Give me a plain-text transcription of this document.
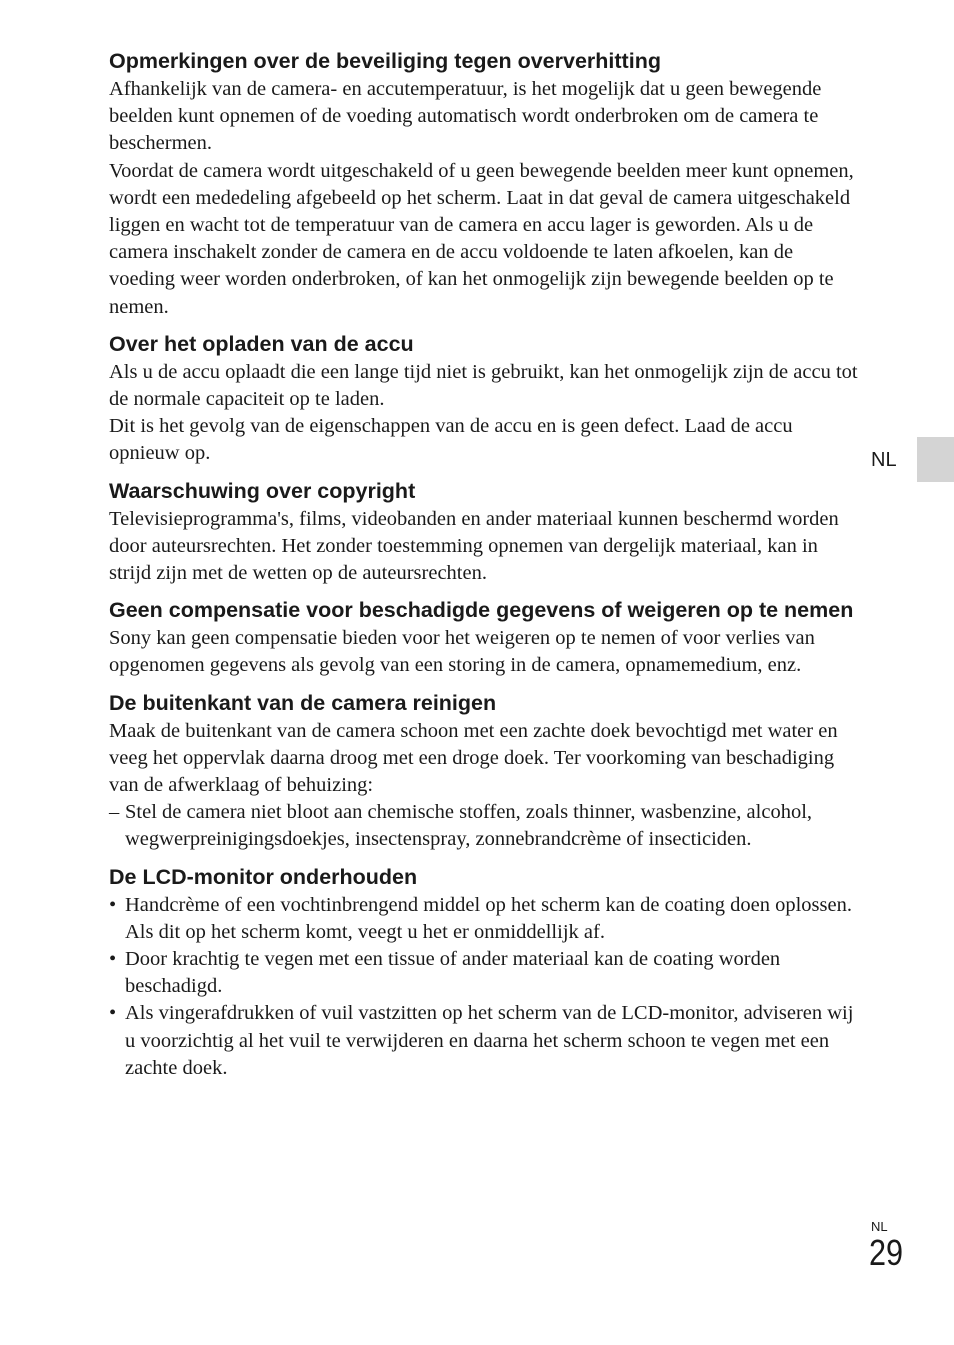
Opmerkingen over de beveiliging tegen oververhitting

Afhankelijk van de camera- en accutemperatuur, is het mogelijk dat u geen bewegende beelden kunt opnemen of de voeding automatisch wordt onderbroken om de camera te beschermen.

Voordat de camera wordt uitgeschakeld of u geen bewegende beelden meer kunt opnemen, wordt een mededeling afgebeeld op het scherm. Laat in dat geval de camera uitgeschakeld liggen en wacht tot de temperatuur van de camera en accu lager is geworden. Als u de camera inschakelt zonder de camera en de accu voldoende te laten afkoelen, kan de voeding weer worden onderbroken, of kan het onmogelijk zijn bewegende beelden op te nemen.

Over het opladen van de accu

Als u de accu oplaadt die een lange tijd niet is gebruikt, kan het onmogelijk zijn de accu tot de normale capaciteit op te laden.

Dit is het gevolg van de eigenschappen van de accu en is geen defect. Laad de accu opnieuw op.

Waarschuwing over copyright

Televisieprogramma's, films, videobanden en ander materiaal kunnen beschermd worden door auteursrechten. Het zonder toestemming opnemen van dergelijk materiaal, kan in strijd zijn met de wetten op de auteursrechten.

Geen compensatie voor beschadigde gegevens of weigeren op te nemen

Sony kan geen compensatie bieden voor het weigeren op te nemen of voor verlies van opgenomen gegevens als gevolg van een storing in de camera, opnamemedium, enz.

De buitenkant van de camera reinigen

Maak de buitenkant van de camera schoon met een zachte doek bevochtigd met water en veeg het oppervlak daarna droog met een droge doek. Ter voorkoming van beschadiging van de afwerklaag of behuizing:

– Stel de camera niet bloot aan chemische stoffen, zoals thinner, wasbenzine, alcohol, wegwerpreinigingsdoekjes, insectenspray, zonnebrandcrème of insecticiden.
De LCD-monitor onderhouden
• Handcrème of een vochtinbrengend middel op het scherm kan de coating doen oplossen. Als dit op het scherm komt, veegt u het er onmiddellijk af.
• Door krachtig te vegen met een tissue of ander materiaal kan de coating worden beschadigd.
• Als vingerafdrukken of vuil vastzitten op het scherm van de LCD-monitor, adviseren wij u voorzichtig al het vuil te verwijderen en daarna het scherm schoon te vegen met een zachte doek.
NL
NL
29
